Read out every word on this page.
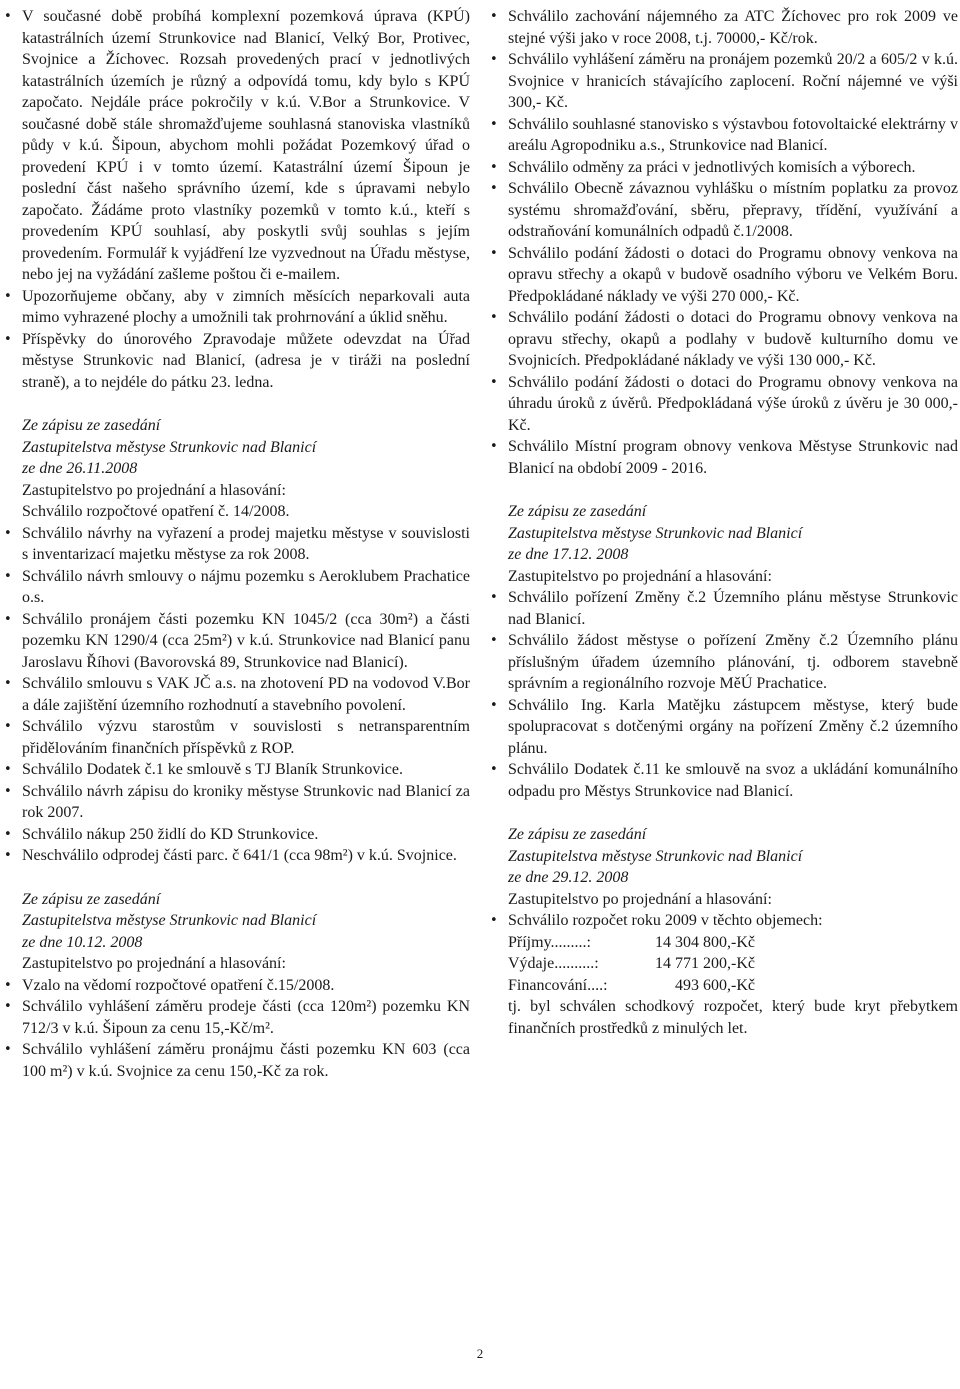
• V současné době probíhá komplexní pozemková úprava (KPÚ) katastrálních území Strunkovice nad Blanicí, Velký Bor, Protivec, Svojnice a Žíchovec. Rozsah provedených prací v jednotlivých katastrálních územích je různý a odpovídá tomu, kdy bylo s KPÚ započato. Nejdále práce pokročily v k.ú. V.Bor a Strunkovice. V současné době stále shromažďujeme souhlasná stanoviska vlastníků půdy v k.ú. Šipoun, abychom mohli požádat Pozemkový úřad o provedení KPÚ i v tomto území. Katastrální území Šipoun je poslední část našeho správního území, kde s úpravami nebylo započato. Žádáme proto vlastníky pozemků v tomto k.ú., kteří s provedením KPÚ souhlasí, aby poskytli svůj souhlas s jejím provedením. Formulář k vyjádření lze vyzvednout na Úřadu městyse, nebo jej na vyžádání zašleme poštou či e-mailem.
• Upozorňujeme občany, aby v zimních měsících neparkovali auta mimo vyhrazené plochy a umožnili tak prohrnování a úklid sněhu.
• Příspěvky do únorového Zpravodaje můžete odevzdat na Úřad městyse Strunkovic nad Blanicí, (adresa je v tiráži na poslední straně), a to nejdéle do pátku 23. ledna.
Ze zápisu ze zasedání
Zastupitelstva městyse Strunkovic nad Blanicí
ze dne 26.11.2008
Zastupitelstvo po projednání a hlasování:

Schválilo rozpočtové opatření č. 14/2008.

• Schválilo návrhy na vyřazení a prodej majetku městyse v souvislosti s inventarizací majetku městyse za rok 2008.
• Schválilo návrh smlouvy o nájmu pozemku s Aeroklubem Prachatice o.s.
• Schválilo pronájem části pozemku KN 1045/2 (cca 30m²) a části pozemku KN 1290/4 (cca 25m²) v k.ú. Strunkovice nad Blanicí panu Jaroslavu Říhovi (Bavorovská 89, Strunkovice nad Blanicí).
• Schválilo smlouvu s VAK JČ a.s. na zhotovení PD na vodovod V.Bor a dále zajištění územního rozhodnutí a stavebního povolení.
• Schválilo výzvu starostům v souvislosti s netransparentním přidělováním finančních příspěvků z ROP.
• Schválilo Dodatek č.1 ke smlouvě s TJ Blaník Strunkovice.
• Schválilo návrh zápisu do kroniky městyse Strunkovic nad Blanicí za rok 2007.
• Schválilo nákup 250 židlí do KD Strunkovice.
• Neschválilo odprodej části parc. č 641/1 (cca 98m²) v k.ú. Svojnice.
Ze zápisu ze zasedání
Zastupitelstva městyse Strunkovic nad Blanicí
ze dne 10.12. 2008
Zastupitelstvo po projednání a hlasování:
• Vzalo na vědomí rozpočtové opatření č.15/2008.
• Schválilo vyhlášení záměru prodeje části (cca 120m²) pozemku KN 712/3 v k.ú. Šipoun za cenu 15,-Kč/m².
• Schválilo vyhlášení záměru pronájmu části pozemku KN 603 (cca 100 m²) v k.ú. Svojnice za cenu 150,-Kč za rok.
• Schválilo zachování nájemného za ATC Žíchovec pro rok 2009 ve stejné výši jako v roce 2008, t.j. 70000,- Kč/rok.
• Schválilo vyhlášení záměru na pronájem pozemků 20/2 a 605/2 v k.ú. Svojnice v hranicích stávajícího zaplocení. Roční nájemné ve výši 300,- Kč.
• Schválilo souhlasné stanovisko s výstavbou fotovoltaické elektrárny v areálu Agropodniku a.s., Strunkovice nad Blanicí.
• Schválilo odměny za práci v jednotlivých komisích a výborech.
• Schválilo Obecně závaznou vyhlášku o místním poplatku za provoz systému shromažďování, sběru, přepravy, třídění, využívání a odstraňování komunálních odpadů č.1/2008.
• Schválilo podání žádosti o dotaci do Programu obnovy venkova na opravu střechy a okapů v budově osadního výboru ve Velkém Boru. Předpokládané náklady ve výši 270 000,- Kč.
• Schválilo podání žádosti o dotaci do Programu obnovy venkova na opravu střechy, okapů a podlahy v budově kulturního domu ve Svojnicích. Předpokládané náklady ve výši 130 000,- Kč.
• Schválilo podání žádosti o dotaci do Programu obnovy venkova na úhradu úroků z úvěrů. Předpokládaná výše úroků z úvěru je 30 000,- Kč.
• Schválilo Místní program obnovy venkova Městyse Strunkovic nad Blanicí na období 2009 - 2016.
Ze zápisu ze zasedání
Zastupitelstva městyse Strunkovic nad Blanicí
ze dne 17.12. 2008
Zastupitelstvo po projednání a hlasování:
• Schválilo pořízení Změny č.2 Územního plánu městyse Strunkovic nad Blanicí.
• Schválilo žádost městyse o pořízení Změny č.2 Územního plánu příslušným úřadem územního plánování, tj. odborem stavebně správním a regionálního rozvoje MěÚ Prachatice.
• Schválilo Ing. Karla Matějku zástupcem městyse, který bude spolupracovat s dotčenými orgány na pořízení Změny č.2 územního plánu.
• Schválilo Dodatek č.11 ke smlouvě na svoz a ukládání komunálního odpadu pro Městys Strunkovice nad Blanicí.
Ze zápisu ze zasedání
Zastupitelstva městyse Strunkovic nad Blanicí
ze dne 29.12. 2008
Zastupitelstvo po projednání a hlasování:
• Schválilo rozpočet roku 2009 v těchto objemech:
Příjmy.........:	14 304 800,-Kč
Výdaje..........:	14 771 200,-Kč
Financování....:	493 600,-Kč

tj. byl schválen schodkový rozpočet, který bude kryt přebytkem finančních prostředků z minulých let.

2
